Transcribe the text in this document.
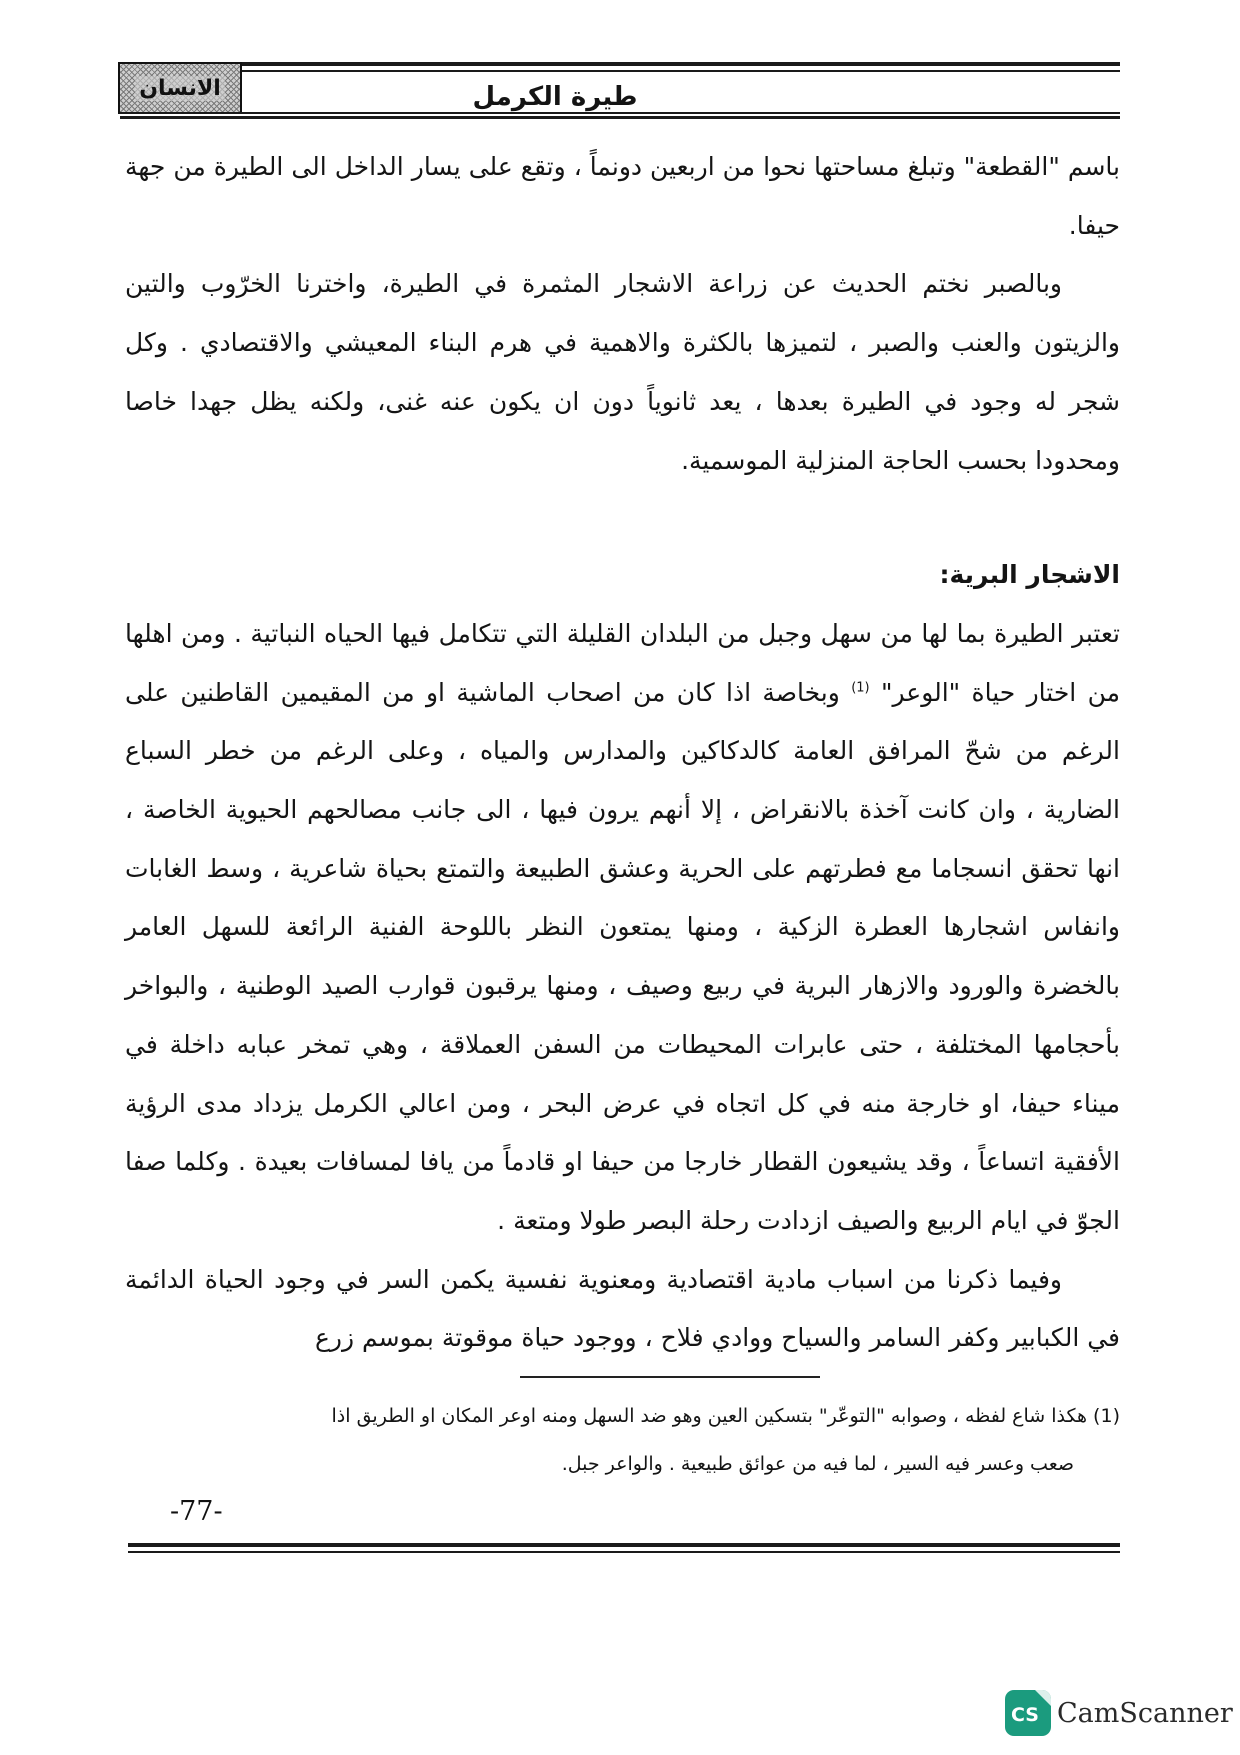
الانسان	طيرة الكرمل

باسم "القطعة" وتبلغ مساحتها نحوا من اربعين دونماً ، وتقع على يسار الداخل الى الطيرة من جهة حيفا.

وبالصبر نختم الحديث عن زراعة الاشجار المثمرة في الطيرة، واخترنا الخرّوب والتين والزيتون والعنب والصبر ، لتميزها بالكثرة والاهمية في هرم البناء المعيشي والاقتصادي . وكل شجر له وجود في الطيرة بعدها ، يعد ثانوياً دون ان يكون عنه غنى، ولكنه يظل جهدا خاصا ومحدودا بحسب الحاجة المنزلية الموسمية.

الاشجار البرية:

تعتبر الطيرة بما لها من سهل وجبل من البلدان القليلة التي تتكامل فيها الحياه النباتية . ومن اهلها من اختار حياة "الوعر" $^{(1)}$ وبخاصة اذا كان من اصحاب الماشية او من المقيمين القاطنين على الرغم من شحّ المرافق العامة كالدكاكين والمدارس والمياه ، وعلى الرغم من خطر السباع الضارية ، وان كانت آخذة بالانقراض ، إلا أنهم يرون فيها ، الى جانب مصالحهم الحيوية الخاصة ، انها تحقق انسجاما مع فطرتهم على الحرية وعشق الطبيعة والتمتع بحياة شاعرية ، وسط الغابات وانفاس اشجارها العطرة الزكية ، ومنها يمتعون النظر باللوحة الفنية الرائعة للسهل العامر بالخضرة والورود والازهار البرية في ربيع وصيف ، ومنها يرقبون قوارب الصيد الوطنية ، والبواخر بأحجامها المختلفة ، حتى عابرات المحيطات من السفن العملاقة ، وهي تمخر عبابه داخلة في ميناء حيفا، او خارجة منه في كل اتجاه في عرض البحر ، ومن اعالي الكرمل يزداد مدى الرؤية الأفقية اتساعاً ، وقد يشيعون القطار خارجا من حيفا او قادماً من يافا لمسافات بعيدة . وكلما صفا الجوّ في ايام الربيع والصيف ازدادت رحلة البصر طولا ومتعة .

وفيما ذكرنا من اسباب مادية اقتصادية ومعنوية نفسية يكمن السر في وجود الحياة الدائمة في الكبابير وكفر السامر والسياح ووادي فلاح ، ووجود حياة موقوتة بموسم زرع

(1) هكذا شاع لفظه ، وصوابه "التوعّر" بتسكين العين وهو ضد السهل ومنه اوعر المكان او الطريق اذا

صعب وعسر فيه السير ، لما فيه من عوائق طبيعية . والواعر جبل.

-77-
CS CamScanner
